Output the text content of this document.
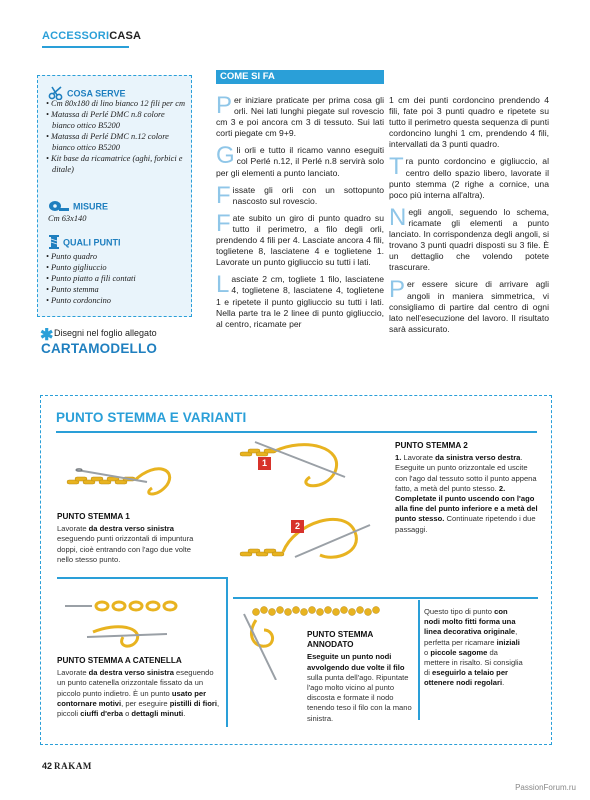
ACCESSORICASA
COSA SERVE
• Cm 80x180 di lino bianco 12 fili per cm
• Matassa di Perlé DMC n.8 colore bianco ottico B5200
• Matassa di Perlé DMC n.12 colore bianco ottico B5200
• Kit base da ricamatrice (aghi, forbici e ditale)
MISURE
Cm 63x140
QUALI PUNTI
• Punto quadro
• Punto gigliuccio
• Punto piatto a fili contati
• Punto stemma
• Punto cordoncino
✱ Disegni nel foglio allegato
CARTAMODELLO
COME SI FA

Per iniziare praticate per prima cosa gli orli. Nei lati lunghi piegate sul rovescio cm 3 e poi ancora cm 3 di tessuto. Sui lati corti piegate cm 9+9.

Gli orli e tutto il ricamo vanno eseguiti col Perlé n.12, il Perlé n.8 servirà solo per gli elementi a punto lanciato.

Fissate gli orli con un sottopunto nascosto sul rovescio.

Fate subito un giro di punto quadro su tutto il perimetro, a filo degli orli, prendendo 4 fili per 4. Lasciate ancora 4 fili, toglietene 8, lasciatene 4 e toglietene 1. Lavorate un punto gigliuccio su tutti i lati.

Lasciate 2 cm, togliete 1 filo, lasciatene 4, toglietene 8, lasciatene 4, toglietene 1 e ripetete il punto gigliuccio su tutti i lati. Nella parte tra le 2 linee di punto gigliuccio, al centro, ricamate per

1 cm dei punti cordoncino prendendo 4 fili, fate poi 3 punti quadro e ripetete su tutto il perimetro questa sequenza di punti cordoncino lunghi 1 cm, prendendo 4 fili, intervallati da 3 punti quadro.

Tra punto cordoncino e gigliuccio, al centro dello spazio libero, lavorate il punto stemma (2 righe a cornice, una poco più interna all'altra).

Negli angoli, seguendo lo schema, ricamate gli elementi a punto lanciato. In corrispondenza degli angoli, si trovano 3 punti quadri disposti su 3 file. È un dettaglio che volendo potete trascurare.

Per essere sicure di arrivare agli angoli in maniera simmetrica, vi consigliamo di partire dal centro di ogni lato nell'esecuzione del lavoro. Il risultato sarà assicurato.

PUNTO STEMMA E VARIANTI
PUNTO STEMMA 1
Lavorate da destra verso sinistra eseguendo punti orizzontali di impuntura doppi, cioè entrando con l'ago due volte nello stesso punto.
1
2
PUNTO STEMMA 2
1. Lavorate da sinistra verso destra. Eseguite un punto orizzontale ed uscite con l'ago dal tessuto sotto il punto appena fatto, a metà del punto stesso. 2. Completate il punto uscendo con l'ago alla fine del punto inferiore e a metà del punto stesso. Continuate ripetendo i due passaggi.
PUNTO STEMMA A CATENELLA
Lavorate da destra verso sinistra eseguendo un punto catenella orizzontale fissato da un piccolo punto indietro. È un punto usato per contornare motivi, per eseguire pistilli di fiori, piccoli ciuffi d'erba o dettagli minuti.
PUNTO STEMMA
ANNODATO
Eseguite un punto nodi avvolgendo due volte il filo sulla punta dell'ago. Ripuntate l'ago molto vicino al punto discosta e formate il nodo tenendo teso il filo con la mano sinistra.
Questo tipo di punto con nodi molto fitti forma una linea decorativa originale, perfetta per ricamare iniziali o piccole sagome da mettere in risalto. Si consiglia di eseguirlo a telaio per ottenere nodi regolari.
42 RAKAM
PassionForum.ru
